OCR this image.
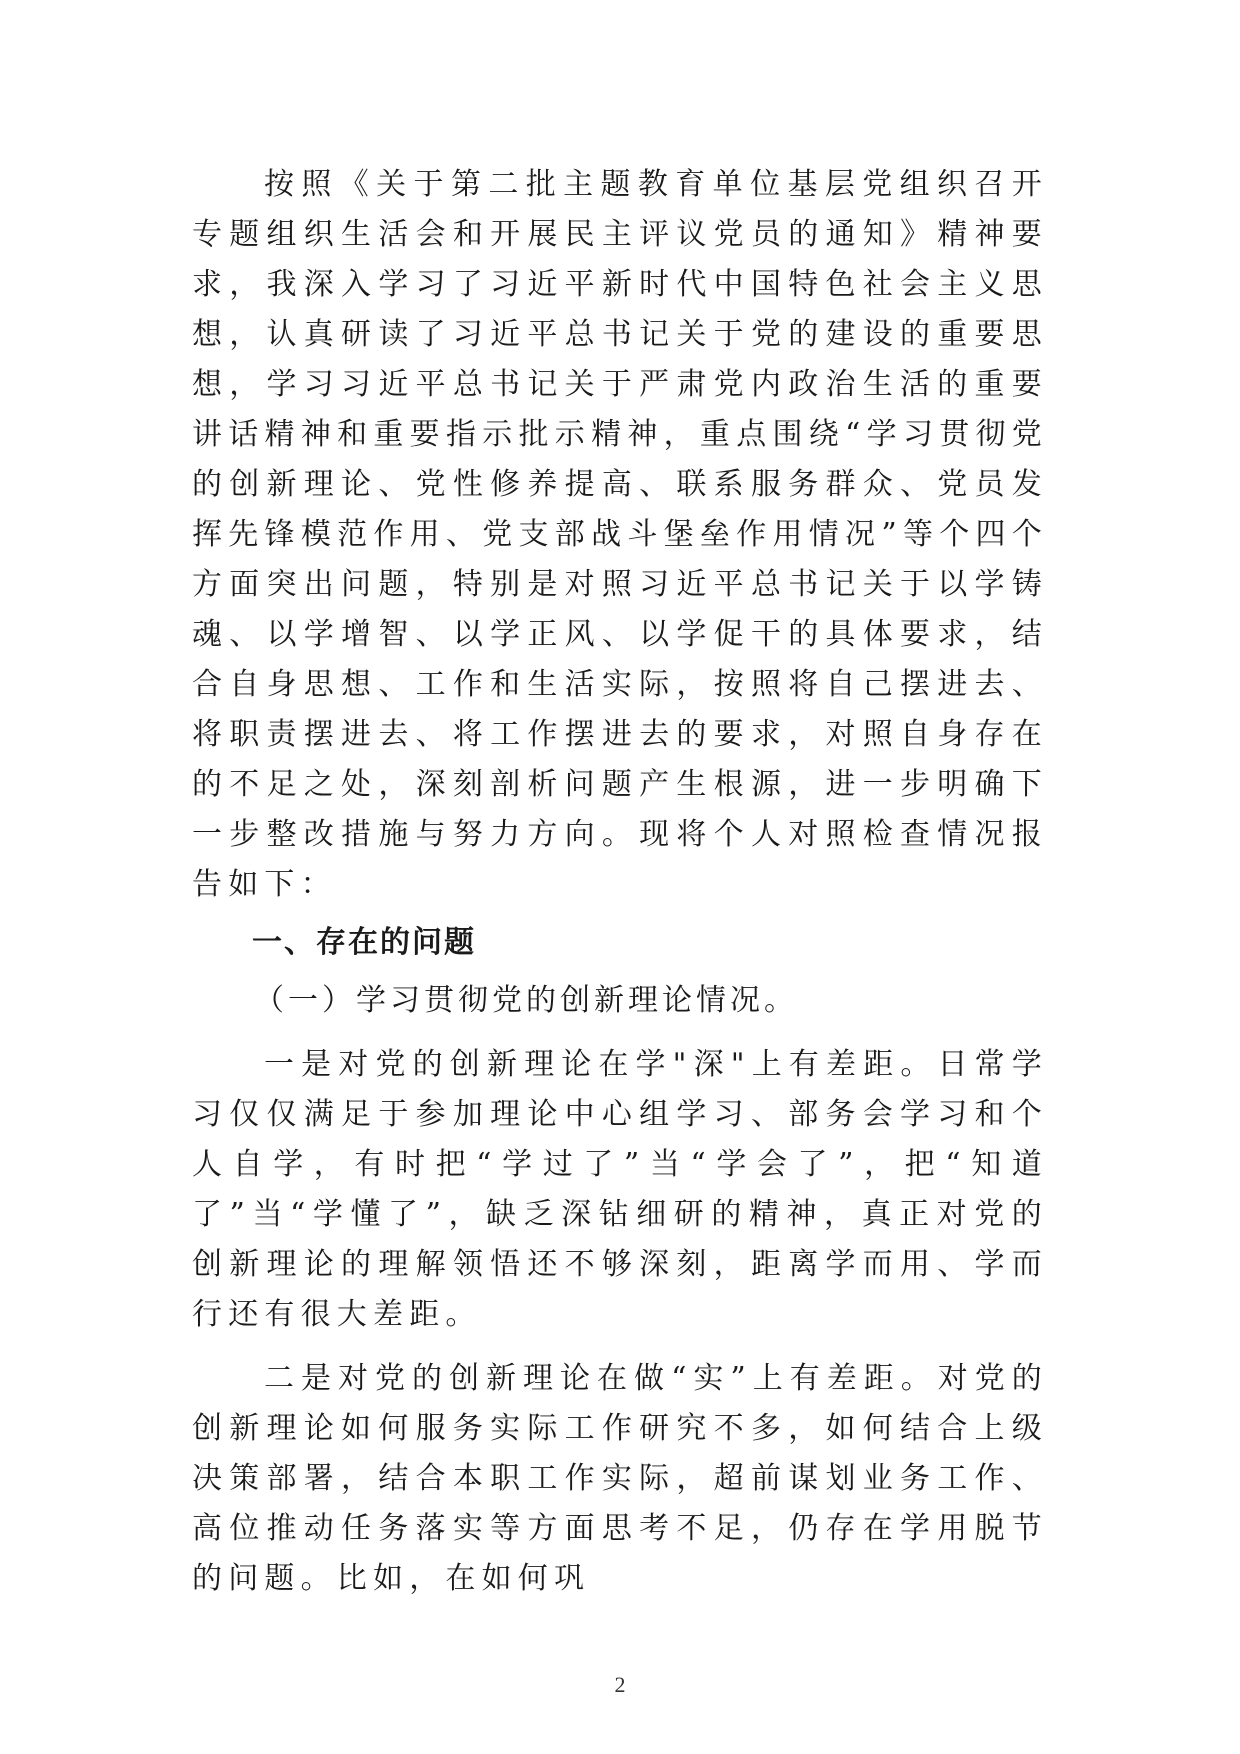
按照《关于第二批主题教育单位基层党组织召开专题组织生活会和开展民主评议党员的通知》精神要求，我深入学习了习近平新时代中国特色社会主义思想，认真研读了习近平总书记关于党的建设的重要思想，学习习近平总书记关于严肃党内政治生活的重要讲话精神和重要指示批示精神，重点围绕“学习贯彻党的创新理论、党性修养提高、联系服务群众、党员发挥先锋模范作用、党支部战斗堡垒作用情况”等个四个方面突出问题，特别是对照习近平总书记关于以学铸魂、以学增智、以学正风、以学促干的具体要求，结合自身思想、工作和生活实际，按照将自己摆进去、将职责摆进去、将工作摆进去的要求，对照自身存在的不足之处，深刻剖析问题产生根源，进一步明确下一步整改措施与努力方向。现将个人对照检查情况报告如下：

一、存在的问题
（一）学习贯彻党的创新理论情况。

一是对党的创新理论在学"深"上有差距。日常学习仅仅满足于参加理论中心组学习、部务会学习和个人自学，有时把“学过了”当“学会了”，把“知道了”当“学懂了”，缺乏深钻细研的精神，真正对党的创新理论的理解领悟还不够深刻，距离学而用、学而行还有很大差距。

二是对党的创新理论在做“实”上有差距。对党的创新理论如何服务实际工作研究不多，如何结合上级决策部署，结合本职工作实际，超前谋划业务工作、高位推动任务落实等方面思考不足，仍存在学用脱节的问题。比如，在如何巩

2
